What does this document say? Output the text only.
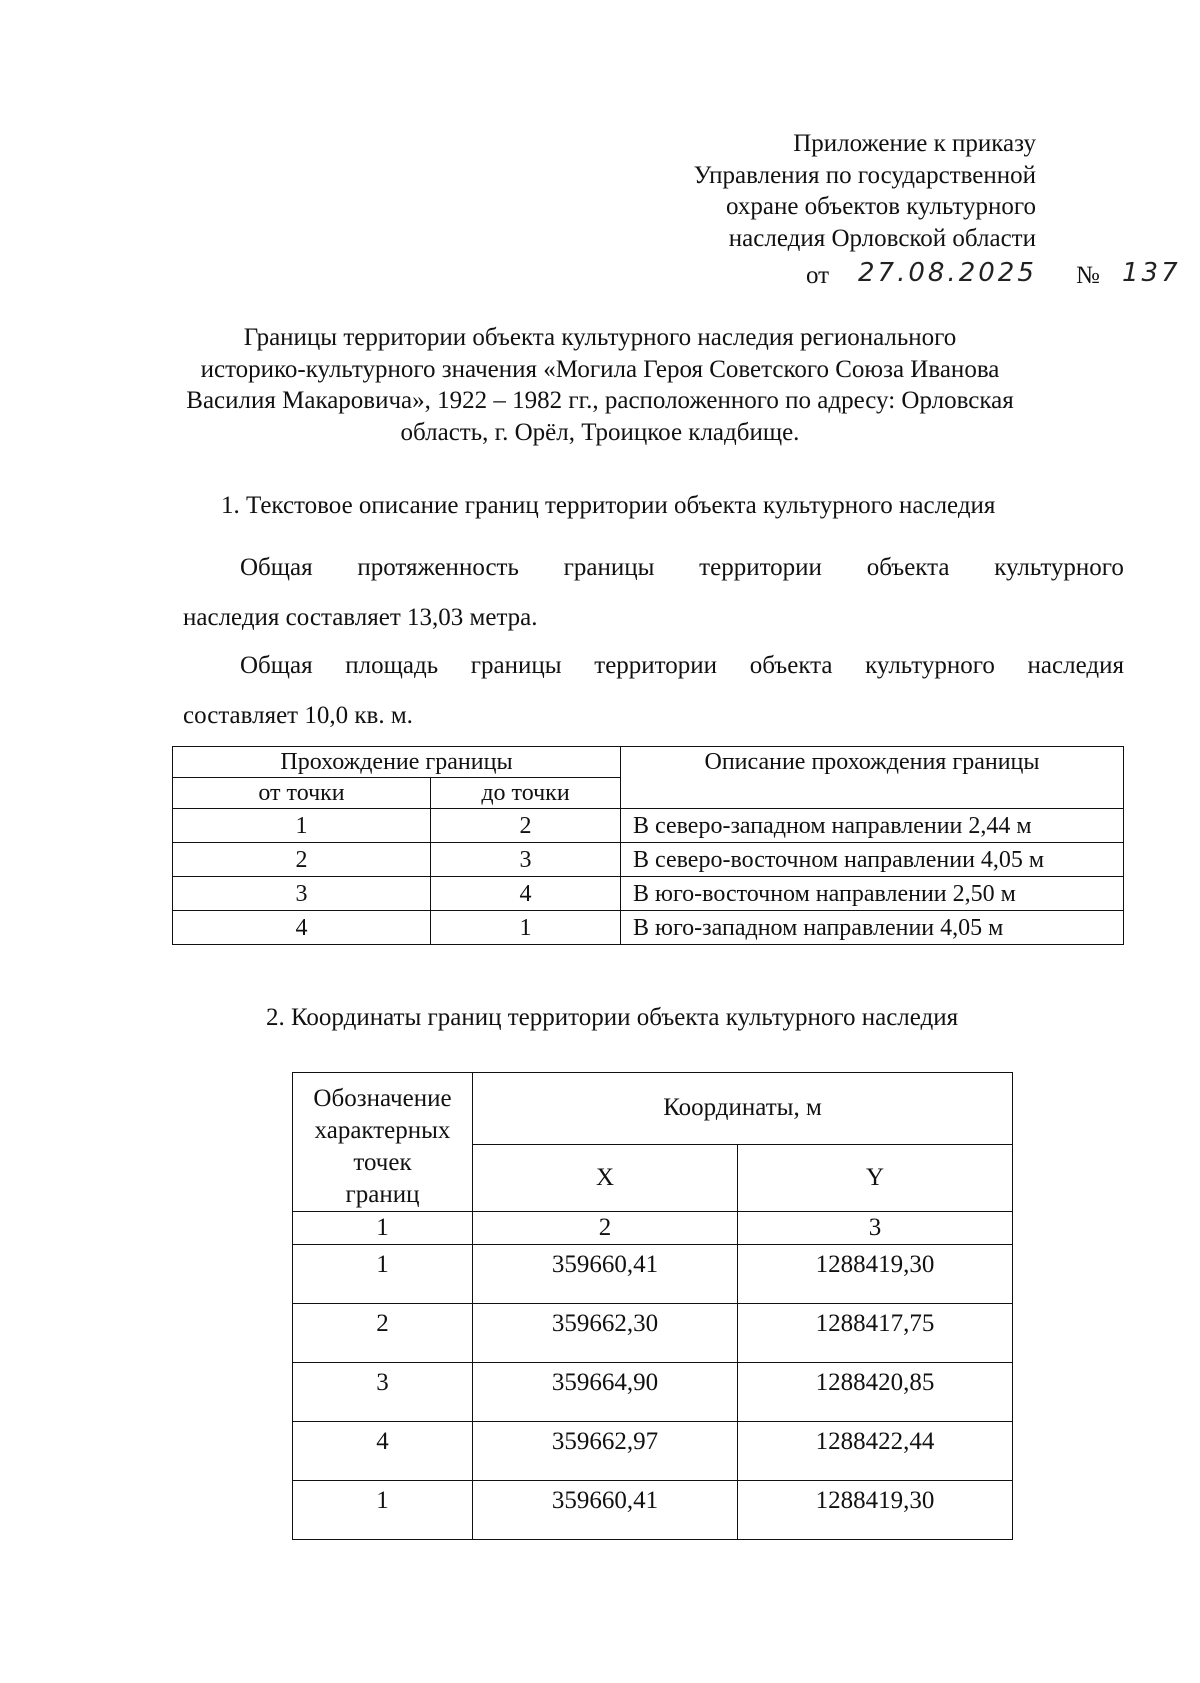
Приложение к приказу
Управления по государственной
охране объектов культурного
наследия Орловской области
от 27.08.2025 № 137
Границы территории объекта культурного наследия регионального
историко-культурного значения «Могила Героя Советского Союза Иванова
Василия Макаровича», 1922 – 1982 гг., расположенного по адресу: Орловская
область, г. Орёл, Троицкое кладбище.
1. Текстовое описание границ территории объекта культурного наследия
Общая протяженность границы территории объекта культурного
наследия составляет 13,03 метра.
Общая площадь границы территории объекта культурного наследия
составляет 10,0 кв. м.
Прохождение границы		Описание прохождения границы
от точки	до точки	
1	2	В северо-западном направлении 2,44 м
2	3	В северо-восточном направлении 4,05 м
3	4	В юго-восточном направлении 2,50 м
4	1	В юго-западном направлении 4,05 м
2. Координаты границ территории объекта культурного наследия
Обозначение
характерных
точек
границ	Координаты, м	
	X	Y
1	2	3
1	359660,41	1288419,30
2	359662,30	1288417,75
3	359664,90	1288420,85
4	359662,97	1288422,44
1	359660,41	1288419,30
